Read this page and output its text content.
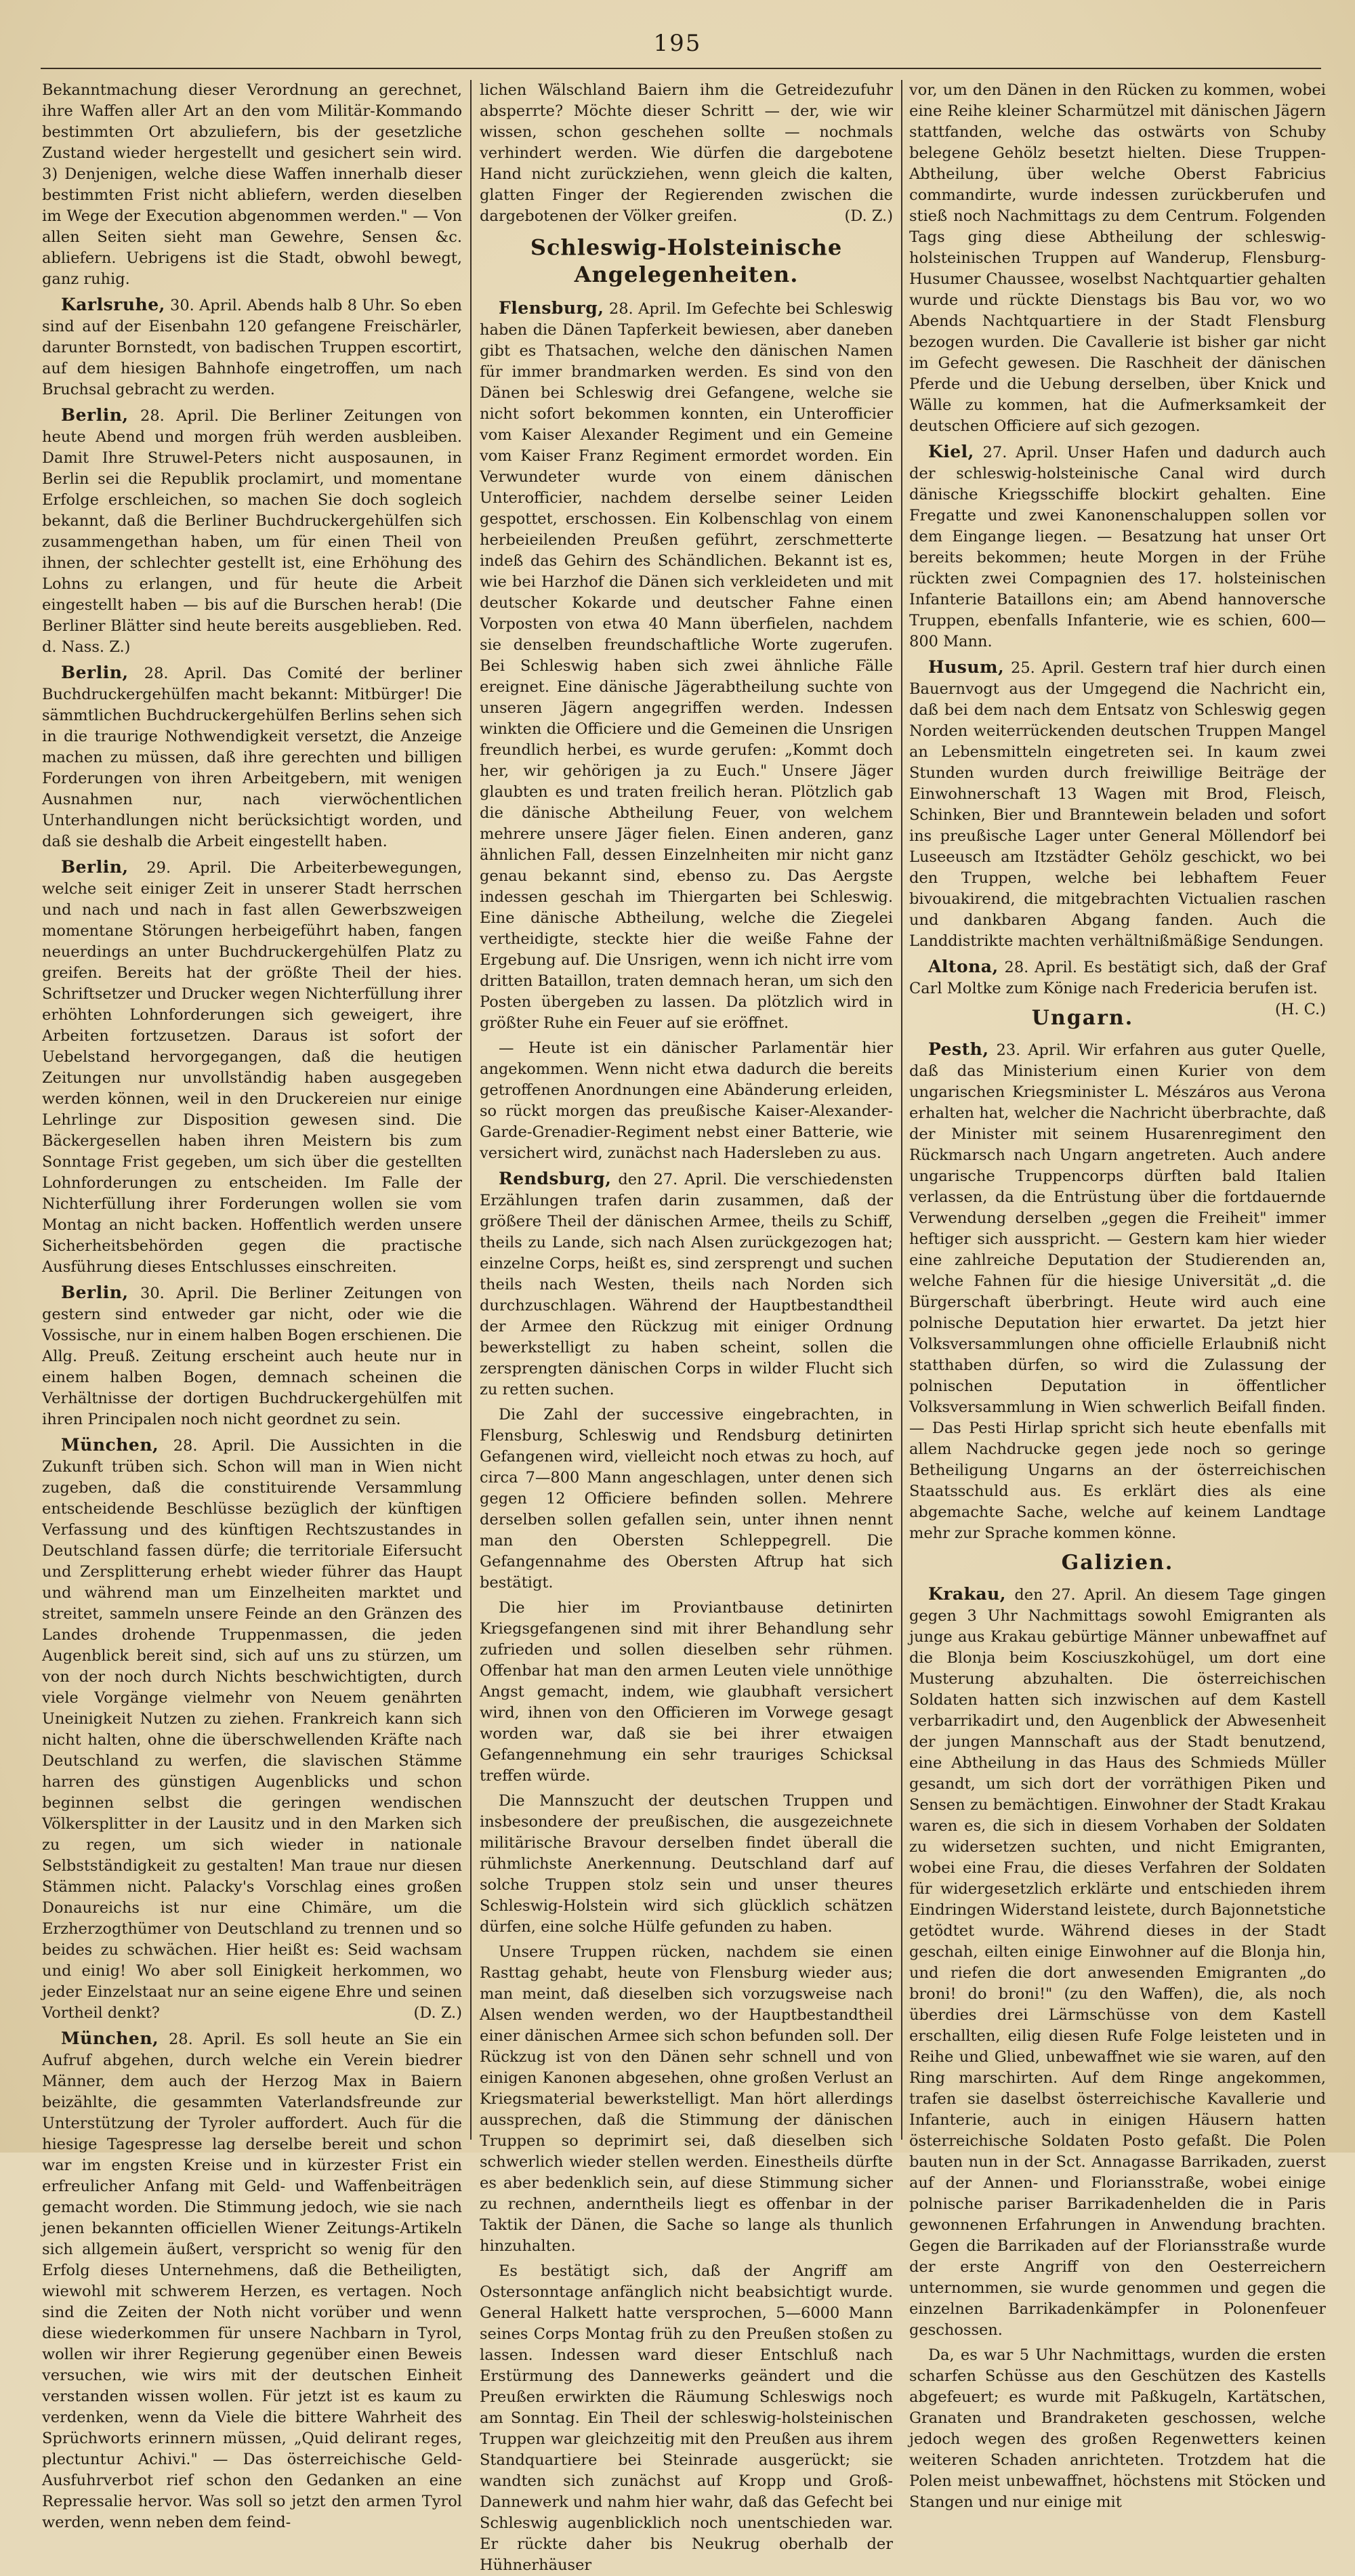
195

Bekanntmachung dieser Verordnung an gerechnet, ihre Waffen aller Art an den vom Militär-Kommando bestimmten Ort abzuliefern, bis der gesetzliche Zustand wieder hergestellt und gesichert sein wird. 3) Denjenigen, welche diese Waffen innerhalb dieser bestimmten Frist nicht abliefern, werden dieselben im Wege der Execution abgenommen werden." — Von allen Seiten sieht man Gewehre, Sensen &c. abliefern. Uebrigens ist die Stadt, obwohl bewegt, ganz ruhig.

Karlsruhe, 30. April. Abends halb 8 Uhr. So eben sind auf der Eisenbahn 120 gefangene Freischärler, darunter Bornstedt, von badischen Truppen escortirt, auf dem hiesigen Bahnhofe eingetroffen, um nach Bruchsal gebracht zu werden.

Berlin, 28. April. Die Berliner Zeitungen von heute Abend und morgen früh werden ausbleiben. Damit Ihre Struwel-Peters nicht ausposaunen, in Berlin sei die Republik proclamirt, und momentane Erfolge erschleichen, so machen Sie doch sogleich bekannt, daß die Berliner Buchdruckergehülfen sich zusammengethan haben, um für einen Theil von ihnen, der schlechter gestellt ist, eine Erhöhung des Lohns zu erlangen, und für heute die Arbeit eingestellt haben — bis auf die Burschen herab! (Die Berliner Blätter sind heute bereits ausgeblieben. Red. d. Nass. Z.)

Berlin, 28. April. Das Comité der berliner Buchdruckergehülfen macht bekannt: Mitbürger! Die sämmtlichen Buchdruckergehülfen Berlins sehen sich in die traurige Nothwendigkeit versetzt, die Anzeige machen zu müssen, daß ihre gerechten und billigen Forderungen von ihren Arbeitgebern, mit wenigen Ausnahmen nur, nach vierwöchentlichen Unterhandlungen nicht berücksichtigt worden, und daß sie deshalb die Arbeit eingestellt haben.

Berlin, 29. April. Die Arbeiterbewegungen, welche seit einiger Zeit in unserer Stadt herrschen und nach und nach in fast allen Gewerbszweigen momentane Störungen herbeigeführt haben, fangen neuerdings an unter Buchdruckergehülfen Platz zu greifen. Bereits hat der größte Theil der hies. Schriftsetzer und Drucker wegen Nichterfüllung ihrer erhöhten Lohnforderungen sich geweigert, ihre Arbeiten fortzusetzen. Daraus ist sofort der Uebelstand hervorgegangen, daß die heutigen Zeitungen nur unvollständig haben ausgegeben werden können, weil in den Druckereien nur einige Lehrlinge zur Disposition gewesen sind. Die Bäckergesellen haben ihren Meistern bis zum Sonntage Frist gegeben, um sich über die gestellten Lohnforderungen zu entscheiden. Im Falle der Nichterfüllung ihrer Forderungen wollen sie vom Montag an nicht backen. Hoffentlich werden unsere Sicherheitsbehörden gegen die practische Ausführung dieses Entschlusses einschreiten.

Berlin, 30. April. Die Berliner Zeitungen von gestern sind entweder gar nicht, oder wie die Vossische, nur in einem halben Bogen erschienen. Die Allg. Preuß. Zeitung erscheint auch heute nur in einem halben Bogen, demnach scheinen die Verhältnisse der dortigen Buchdruckergehülfen mit ihren Principalen noch nicht geordnet zu sein.

München, 28. April. Die Aussichten in die Zukunft trüben sich. Schon will man in Wien nicht zugeben, daß die constituirende Versammlung entscheidende Beschlüsse bezüglich der künftigen Verfassung und des künftigen Rechtszustandes in Deutschland fassen dürfe; die territoriale Eifersucht und Zersplitterung erhebt wieder führer das Haupt und während man um Einzelheiten marktet und streitet, sammeln unsere Feinde an den Gränzen des Landes drohende Truppenmassen, die jeden Augenblick bereit sind, sich auf uns zu stürzen, um von der noch durch Nichts beschwichtigten, durch viele Vorgänge vielmehr von Neuem genährten Uneinigkeit Nutzen zu ziehen. Frankreich kann sich nicht halten, ohne die überschwellenden Kräfte nach Deutschland zu werfen, die slavischen Stämme harren des günstigen Augenblicks und schon beginnen selbst die geringen wendischen Völkersplitter in der Lausitz und in den Marken sich zu regen, um sich wieder in nationale Selbstständigkeit zu gestalten! Man traue nur diesen Stämmen nicht. Palacky's Vorschlag eines großen Donaureichs ist nur eine Chimäre, um die Erzherzogthümer von Deutschland zu trennen und so beides zu schwächen. Hier heißt es: Seid wachsam und einig! Wo aber soll Einigkeit herkommen, wo jeder Einzelstaat nur an seine eigene Ehre und seinen Vortheil denkt?	(D. Z.)

München, 28. April. Es soll heute an Sie ein Aufruf abgehen, durch welche ein Verein biedrer Männer, dem auch der Herzog Max in Baiern beizählte, die gesammten Vaterlandsfreunde zur Unterstützung der Tyroler auffordert. Auch für die hiesige Tagespresse lag derselbe bereit und schon war im engsten Kreise und in kürzester Frist ein erfreulicher Anfang mit Geld- und Waffenbeiträgen gemacht worden. Die Stimmung jedoch, wie sie nach jenen bekannten officiellen Wiener Zeitungs-Artikeln sich allgemein äußert, verspricht so wenig für den Erfolg dieses Unternehmens, daß die Betheiligten, wiewohl mit schwerem Herzen, es vertagen. Noch sind die Zeiten der Noth nicht vorüber und wenn diese wiederkommen für unsere Nachbarn in Tyrol, wollen wir ihrer Regierung gegenüber einen Beweis versuchen, wie wirs mit der deutschen Einheit verstanden wissen wollen. Für jetzt ist es kaum zu verdenken, wenn da Viele die bittere Wahrheit des Sprüchworts erinnern müssen, „Quid delirant reges, plectuntur Achivi." — Das österreichische Geld-Ausfuhrverbot rief schon den Gedanken an eine Repressalie hervor. Was soll so jetzt den armen Tyrol werden, wenn neben dem feind-

lichen Wälschland Baiern ihm die Getreidezufuhr absperrte? Möchte dieser Schritt — der, wie wir wissen, schon geschehen sollte — nochmals verhindert werden. Wie dürfen die dargebotene Hand nicht zurückziehen, wenn gleich die kalten, glatten Finger der Regierenden zwischen die dargebotenen der Völker greifen.	(D. Z.)

Schleswig-Holsteinische Angelegenheiten.

Flensburg, 28. April. Im Gefechte bei Schleswig haben die Dänen Tapferkeit bewiesen, aber daneben gibt es Thatsachen, welche den dänischen Namen für immer brandmarken werden. Es sind von den Dänen bei Schleswig drei Gefangene, welche sie nicht sofort bekommen konnten, ein Unterofficier vom Kaiser Alexander Regiment und ein Gemeine vom Kaiser Franz Regiment ermordet worden. Ein Verwundeter wurde von einem dänischen Unterofficier, nachdem derselbe seiner Leiden gespottet, erschossen. Ein Kolbenschlag von einem herbeieilenden Preußen geführt, zerschmetterte indeß das Gehirn des Schändlichen. Bekannt ist es, wie bei Harzhof die Dänen sich verkleideten und mit deutscher Kokarde und deutscher Fahne einen Vorposten von etwa 40 Mann überfielen, nachdem sie denselben freundschaftliche Worte zugerufen. Bei Schleswig haben sich zwei ähnliche Fälle ereignet. Eine dänische Jägerabtheilung suchte von unseren Jägern angegriffen werden. Indessen winkten die Officiere und die Gemeinen die Unsrigen freundlich herbei, es wurde gerufen: „Kommt doch her, wir gehörigen ja zu Euch." Unsere Jäger glaubten es und traten freilich heran. Plötzlich gab die dänische Abtheilung Feuer, von welchem mehrere unsere Jäger fielen. Einen anderen, ganz ähnlichen Fall, dessen Einzelnheiten mir nicht ganz genau bekannt sind, ebenso zu. Das Aergste indessen geschah im Thiergarten bei Schleswig. Eine dänische Abtheilung, welche die Ziegelei vertheidigte, steckte hier die weiße Fahne der Ergebung auf. Die Unsrigen, wenn ich nicht irre vom dritten Bataillon, traten demnach heran, um sich den Posten übergeben zu lassen. Da plötzlich wird in größter Ruhe ein Feuer auf sie eröffnet.

— Heute ist ein dänischer Parlamentär hier angekommen. Wenn nicht etwa dadurch die bereits getroffenen Anordnungen eine Abänderung erleiden, so rückt morgen das preußische Kaiser-Alexander-Garde-Grenadier-Regiment nebst einer Batterie, wie versichert wird, zunächst nach Hadersleben zu aus.

Rendsburg, den 27. April. Die verschiedensten Erzählungen trafen darin zusammen, daß der größere Theil der dänischen Armee, theils zu Schiff, theils zu Lande, sich nach Alsen zurückgezogen hat; einzelne Corps, heißt es, sind zersprengt und suchen theils nach Westen, theils nach Norden sich durchzuschlagen. Während der Hauptbestandtheil der Armee den Rückzug mit einiger Ordnung bewerkstelligt zu haben scheint, sollen die zersprengten dänischen Corps in wilder Flucht sich zu retten suchen.

Die Zahl der successive eingebrachten, in Flensburg, Schleswig und Rendsburg detinirten Gefangenen wird, vielleicht noch etwas zu hoch, auf circa 7—800 Mann angeschlagen, unter denen sich gegen 12 Officiere befinden sollen. Mehrere derselben sollen gefallen sein, unter ihnen nennt man den Obersten Schleppegrell. Die Gefangennahme des Obersten Aftrup hat sich bestätigt.

Die hier im Proviantbause detinirten Kriegsgefangenen sind mit ihrer Behandlung sehr zufrieden und sollen dieselben sehr rühmen. Offenbar hat man den armen Leuten viele unnöthige Angst gemacht, indem, wie glaubhaft versichert wird, ihnen von den Officieren im Vorwege gesagt worden war, daß sie bei ihrer etwaigen Gefangennehmung ein sehr trauriges Schicksal treffen würde.

Die Mannszucht der deutschen Truppen und insbesondere der preußischen, die ausgezeichnete militärische Bravour derselben findet überall die rühmlichste Anerkennung. Deutschland darf auf solche Truppen stolz sein und unser theures Schleswig-Holstein wird sich glücklich schätzen dürfen, eine solche Hülfe gefunden zu haben.

Unsere Truppen rücken, nachdem sie einen Rasttag gehabt, heute von Flensburg wieder aus; man meint, daß dieselben sich vorzugsweise nach Alsen wenden werden, wo der Hauptbestandtheil einer dänischen Armee sich schon befunden soll. Der Rückzug ist von den Dänen sehr schnell und von einigen Kanonen abgesehen, ohne großen Verlust an Kriegsmaterial bewerkstelligt. Man hört allerdings aussprechen, daß die Stimmung der dänischen Truppen so deprimirt sei, daß dieselben sich schwerlich wieder stellen werden. Einestheils dürfte es aber bedenklich sein, auf diese Stimmung sicher zu rechnen, anderntheils liegt es offenbar in der Taktik der Dänen, die Sache so lange als thunlich hinzuhalten.

Es bestätigt sich, daß der Angriff am Ostersonntage anfänglich nicht beabsichtigt wurde. General Halkett hatte versprochen, 5—6000 Mann seines Corps Montag früh zu den Preußen stoßen zu lassen. Indessen ward dieser Entschluß nach Erstürmung des Dannewerks geändert und die Preußen erwirkten die Räumung Schleswigs noch am Sonntag. Ein Theil der schleswig-holsteinischen Truppen war gleichzeitig mit den Preußen aus ihrem Standquartiere bei Steinrade ausgerückt; sie wandten sich zunächst auf Kropp und Groß-Dannewerk und nahm hier wahr, daß das Gefecht bei Schleswig augenblicklich noch unentschieden war. Er rückte daher bis Neukrug oberhalb der Hühnerhäuser

vor, um den Dänen in den Rücken zu kommen, wobei eine Reihe kleiner Scharmützel mit dänischen Jägern stattfanden, welche das ostwärts von Schuby belegene Gehölz besetzt hielten. Diese Truppen-Abtheilung, über welche Oberst Fabricius commandirte, wurde indessen zurückberufen und stieß noch Nachmittags zu dem Centrum. Folgenden Tags ging diese Abtheilung der schleswig-holsteinischen Truppen auf Wanderup, Flensburg-Husumer Chaussee, woselbst Nachtquartier gehalten wurde und rückte Dienstags bis Bau vor, wo wo Abends Nachtquartiere in der Stadt Flensburg bezogen wurden. Die Cavallerie ist bisher gar nicht im Gefecht gewesen. Die Raschheit der dänischen Pferde und die Uebung derselben, über Knick und Wälle zu kommen, hat die Aufmerksamkeit der deutschen Officiere auf sich gezogen.

Kiel, 27. April. Unser Hafen und dadurch auch der schleswig-holsteinische Canal wird durch dänische Kriegsschiffe blockirt gehalten. Eine Fregatte und zwei Kanonenschaluppen sollen vor dem Eingange liegen. — Besatzung hat unser Ort bereits bekommen; heute Morgen in der Frühe rückten zwei Compagnien des 17. holsteinischen Infanterie Bataillons ein; am Abend hannoversche Truppen, ebenfalls Infanterie, wie es schien, 600—800 Mann.

Husum, 25. April. Gestern traf hier durch einen Bauernvogt aus der Umgegend die Nachricht ein, daß bei dem nach dem Entsatz von Schleswig gegen Norden weiterrückenden deutschen Truppen Mangel an Lebensmitteln eingetreten sei. In kaum zwei Stunden wurden durch freiwillige Beiträge der Einwohnerschaft 13 Wagen mit Brod, Fleisch, Schinken, Bier und Branntewein beladen und sofort ins preußische Lager unter General Möllendorf bei Luseeusch am Itzstädter Gehölz geschickt, wo bei den Truppen, welche bei lebhaftem Feuer bivouakirend, die mitgebrachten Victualien raschen und dankbaren Abgang fanden. Auch die Landdistrikte machten verhältnißmäßige Sendungen.

Altona, 28. April. Es bestätigt sich, daß der Graf Carl Moltke zum Könige nach Fredericia berufen ist.
(H. C.)

Ungarn.

Pesth, 23. April. Wir erfahren aus guter Quelle, daß das Ministerium einen Kurier von dem ungarischen Kriegsminister L. Mészáros aus Verona erhalten hat, welcher die Nachricht überbrachte, daß der Minister mit seinem Husarenregiment den Rückmarsch nach Ungarn angetreten. Auch andere ungarische Truppencorps dürften bald Italien verlassen, da die Entrüstung über die fortdauernde Verwendung derselben „gegen die Freiheit" immer heftiger sich ausspricht. — Gestern kam hier wieder eine zahlreiche Deputation der Studierenden an, welche Fahnen für die hiesige Universität „d. die Bürgerschaft überbringt. Heute wird auch eine polnische Deputation hier erwartet. Da jetzt hier Volksversammlungen ohne officielle Erlaubniß nicht statthaben dürfen, so wird die Zulassung der polnischen Deputation in öffentlicher Volksversammlung in Wien schwerlich Beifall finden. — Das Pesti Hirlap spricht sich heute ebenfalls mit allem Nachdrucke gegen jede noch so geringe Betheiligung Ungarns an der österreichischen Staatsschuld aus. Es erklärt dies als eine abgemachte Sache, welche auf keinem Landtage mehr zur Sprache kommen könne.

Galizien.

Krakau, den 27. April. An diesem Tage gingen gegen 3 Uhr Nachmittags sowohl Emigranten als junge aus Krakau gebürtige Männer unbewaffnet auf die Blonja beim Kosciuszkohügel, um dort eine Musterung abzuhalten. Die österreichischen Soldaten hatten sich inzwischen auf dem Kastell verbarrikadirt und, den Augenblick der Abwesenheit der jungen Mannschaft aus der Stadt benutzend, eine Abtheilung in das Haus des Schmieds Müller gesandt, um sich dort der vorräthigen Piken und Sensen zu bemächtigen. Einwohner der Stadt Krakau waren es, die sich in diesem Vorhaben der Soldaten zu widersetzen suchten, und nicht Emigranten, wobei eine Frau, die dieses Verfahren der Soldaten für widergesetzlich erklärte und entschieden ihrem Eindringen Widerstand leistete, durch Bajonnetstiche getödtet wurde. Während dieses in der Stadt geschah, eilten einige Einwohner auf die Blonja hin, und riefen die dort anwesenden Emigranten „do broni! do broni!" (zu den Waffen), die, als noch überdies drei Lärmschüsse von dem Kastell erschallten, eilig diesen Rufe Folge leisteten und in Reihe und Glied, unbewaffnet wie sie waren, auf den Ring marschirten. Auf dem Ringe angekommen, trafen sie daselbst österreichische Kavallerie und Infanterie, auch in einigen Häusern hatten österreichische Soldaten Posto gefaßt. Die Polen bauten nun in der Sct. Annagasse Barrikaden, zuerst auf der Annen- und Floriansstraße, wobei einige polnische pariser Barrikadenhelden die in Paris gewonnenen Erfahrungen in Anwendung brachten. Gegen die Barrikaden auf der Floriansstraße wurde der erste Angriff von den Oesterreichern unternommen, sie wurde genommen und gegen die einzelnen Barrikadenkämpfer in Polonenfeuer geschossen.

Da, es war 5 Uhr Nachmittags, wurden die ersten scharfen Schüsse aus den Geschützen des Kastells abgefeuert; es wurde mit Paßkugeln, Kartätschen, Granaten und Brandraketen geschossen, welche jedoch wegen des großen Regenwetters keinen weiteren Schaden anrichteten. Trotzdem hat die Polen meist unbewaffnet, höchstens mit Stöcken und Stangen und nur einige mit
